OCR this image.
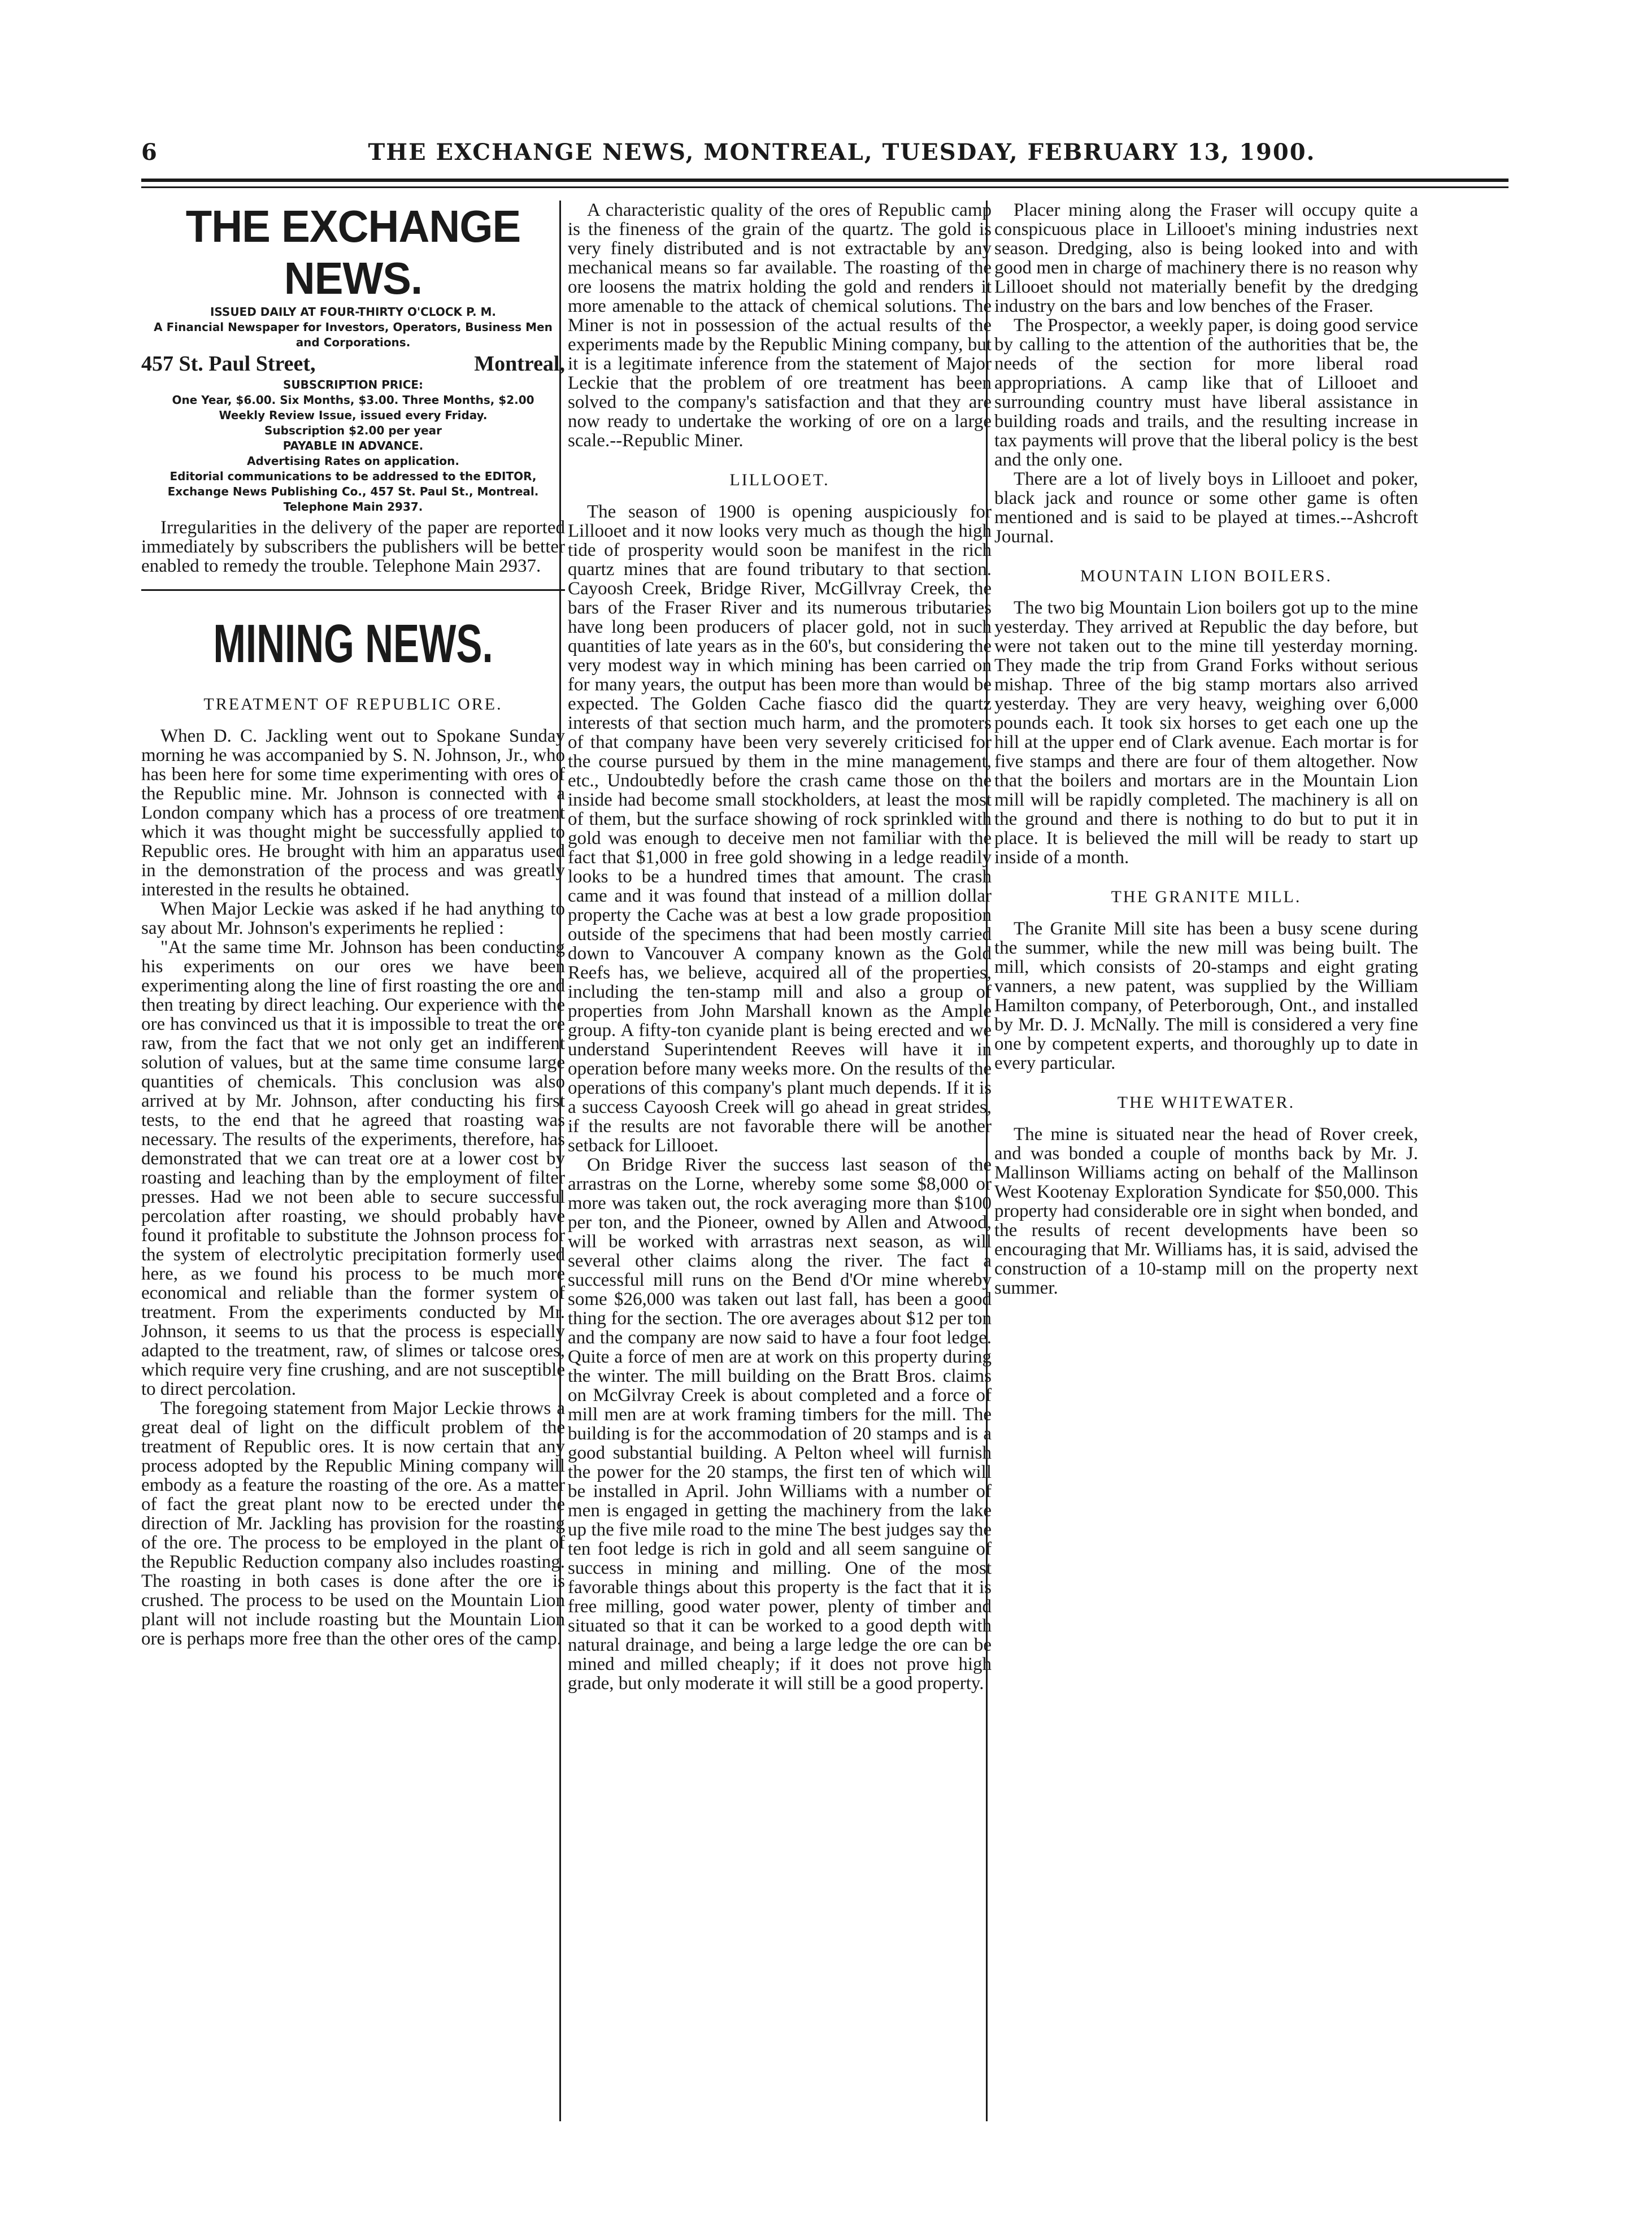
6	THE EXCHANGE NEWS, MONTREAL, TUESDAY, FEBRUARY 13, 1900.
THE EXCHANGE NEWS.
ISSUED DAILY AT FOUR-THIRTY O'CLOCK P. M.
A Financial Newspaper for Investors, Operators, Business Men and Corporations.
457 St. Paul Street,	Montreal,
SUBSCRIPTION PRICE:
One Year, $6.00. Six Months, $3.00. Three Months, $2.00
Weekly Review Issue, issued every Friday.
Subscription $2.00 per year
PAYABLE IN ADVANCE.
Advertising Rates on application.
Editorial communications to be addressed to the EDITOR, Exchange News Publishing Co., 457 St. Paul St., Montreal. Telephone Main 2937.

Irregularities in the delivery of the paper are reported immediately by subscribers the publishers will be better enabled to remedy the trouble. Telephone Main 2937.

MINING NEWS.
TREATMENT OF REPUBLIC ORE.

When D. C. Jackling went out to Spokane Sunday morning he was accompanied by S. N. Johnson, Jr., who has been here for some time experimenting with ores of the Republic mine. Mr. Johnson is connected with a London company which has a process of ore treatment which it was thought might be successfully applied to Republic ores. He brought with him an apparatus used in the demonstration of the process and was greatly interested in the results he obtained.

When Major Leckie was asked if he had anything to say about Mr. Johnson's experiments he replied :

"At the same time Mr. Johnson has been conducting his experiments on our ores we have been experimenting along the line of first roasting the ore and then treating by direct leaching. Our experience with the ore has convinced us that it is impossible to treat the ore raw, from the fact that we not only get an indifferent solution of values, but at the same time consume large quantities of chemicals. This conclusion was also arrived at by Mr. Johnson, after conducting his first tests, to the end that he agreed that roasting was necessary. The results of the experiments, therefore, has demonstrated that we can treat ore at a lower cost by roasting and leaching than by the employment of filter presses. Had we not been able to secure successful percolation after roasting, we should probably have found it profitable to substitute the Johnson process for the system of electrolytic precipitation formerly used here, as we found his process to be much more economical and reliable than the former system of treatment. From the experiments conducted by Mr. Johnson, it seems to us that the process is especially adapted to the treatment, raw, of slimes or talcose ores, which require very fine crushing, and are not susceptible to direct percolation.

The foregoing statement from Major Leckie throws a great deal of light on the difficult problem of the treatment of Republic ores. It is now certain that any process adopted by the Republic Mining company will embody as a feature the roasting of the ore. As a matter of fact the great plant now to be erected under the direction of Mr. Jackling has provision for the roasting of the ore. The process to be employed in the plant of the Republic Reduction company also includes roasting. The roasting in both cases is done after the ore is crushed. The process to be used on the Mountain Lion plant will not include roasting but the Mountain Lion ore is perhaps more free than the other ores of the camp.

A characteristic quality of the ores of Republic camp is the fineness of the grain of the quartz. The gold is very finely distributed and is not extractable by any mechanical means so far available. The roasting of the ore loosens the matrix holding the gold and renders it more amenable to the attack of chemical solutions. The Miner is not in possession of the actual results of the experiments made by the Republic Mining company, but it is a legitimate inference from the statement of Major Leckie that the problem of ore treatment has been solved to the company's satisfaction and that they are now ready to undertake the working of ore on a large scale.--Republic Miner.

LILLOOET.

The season of 1900 is opening auspiciously for Lillooet and it now looks very much as though the high tide of prosperity would soon be manifest in the rich quartz mines that are found tributary to that section. Cayoosh Creek, Bridge River, McGillvray Creek, the bars of the Fraser River and its numerous tributaries have long been producers of placer gold, not in such quantities of late years as in the 60's, but considering the very modest way in which mining has been carried on for many years, the output has been more than would be expected. The Golden Cache fiasco did the quartz interests of that section much harm, and the promoters of that company have been very severely criticised for the course pursued by them in the mine management, etc., Undoubtedly before the crash came those on the inside had become small stockholders, at least the most of them, but the surface showing of rock sprinkled with gold was enough to deceive men not familiar with the fact that $1,000 in free gold showing in a ledge readily looks to be a hundred times that amount. The crash came and it was found that instead of a million dollar property the Cache was at best a low grade proposition outside of the specimens that had been mostly carried down to Vancouver A company known as the Gold Reefs has, we believe, acquired all of the properties, including the ten-stamp mill and also a group of properties from John Marshall known as the Ample group. A fifty-ton cyanide plant is being erected and we understand Superintendent Reeves will have it in operation before many weeks more. On the results of the operations of this company's plant much depends. If it is a success Cayoosh Creek will go ahead in great strides, if the results are not favorable there will be another setback for Lillooet.

On Bridge River the success last season of the arrastras on the Lorne, whereby some some $8,000 or more was taken out, the rock averaging more than $100 per ton, and the Pioneer, owned by Allen and Atwood, will be worked with arrastras next season, as will several other claims along the river. The fact a successful mill runs on the Bend d'Or mine whereby some $26,000 was taken out last fall, has been a good thing for the section. The ore averages about $12 per ton and the company are now said to have a four foot ledge. Quite a force of men are at work on this property during the winter. The mill building on the Bratt Bros. claims on McGilvray Creek is about completed and a force of mill men are at work framing timbers for the mill. The building is for the accommodation of 20 stamps and is a good substantial building. A Pelton wheel will furnish the power for the 20 stamps, the first ten of which will be installed in April. John Williams with a number of men is engaged in getting the machinery from the lake up the five mile road to the mine The best judges say the ten foot ledge is rich in gold and all seem sanguine of success in mining and milling. One of the most favorable things about this property is the fact that it is free milling, good water power, plenty of timber and situated so that it can be worked to a good depth with natural drainage, and being a large ledge the ore can be mined and milled cheaply; if it does not prove high grade, but only moderate it will still be a good property.

Placer mining along the Fraser will occupy quite a conspicuous place in Lillooet's mining industries next season. Dredging, also is being looked into and with good men in charge of machinery there is no reason why Lillooet should not materially benefit by the dredging industry on the bars and low benches of the Fraser.

The Prospector, a weekly paper, is doing good service by calling to the attention of the authorities that be, the needs of the section for more liberal road appropriations. A camp like that of Lillooet and surrounding country must have liberal assistance in building roads and trails, and the resulting increase in tax payments will prove that the liberal policy is the best and the only one.

There are a lot of lively boys in Lillooet and poker, black jack and rounce or some other game is often mentioned and is said to be played at times.--Ashcroft Journal.

MOUNTAIN LION BOILERS.

The two big Mountain Lion boilers got up to the mine yesterday. They arrived at Republic the day before, but were not taken out to the mine till yesterday morning. They made the trip from Grand Forks without serious mishap. Three of the big stamp mortars also arrived yesterday. They are very heavy, weighing over 6,000 pounds each. It took six horses to get each one up the hill at the upper end of Clark avenue. Each mortar is for five stamps and there are four of them altogether. Now that the boilers and mortars are in the Mountain Lion mill will be rapidly completed. The machinery is all on the ground and there is nothing to do but to put it in place. It is believed the mill will be ready to start up inside of a month.

THE GRANITE MILL.

The Granite Mill site has been a busy scene during the summer, while the new mill was being built. The mill, which consists of 20-stamps and eight grating vanners, a new patent, was supplied by the William Hamilton company, of Peterborough, Ont., and installed by Mr. D. J. McNally. The mill is considered a very fine one by competent experts, and thoroughly up to date in every particular.

THE WHITEWATER.

The mine is situated near the head of Rover creek, and was bonded a couple of months back by Mr. J. Mallinson Williams acting on behalf of the Mallinson West Kootenay Exploration Syndicate for $50,000. This property had considerable ore in sight when bonded, and the results of recent developments have been so encouraging that Mr. Williams has, it is said, advised the construction of a 10-stamp mill on the property next summer.
